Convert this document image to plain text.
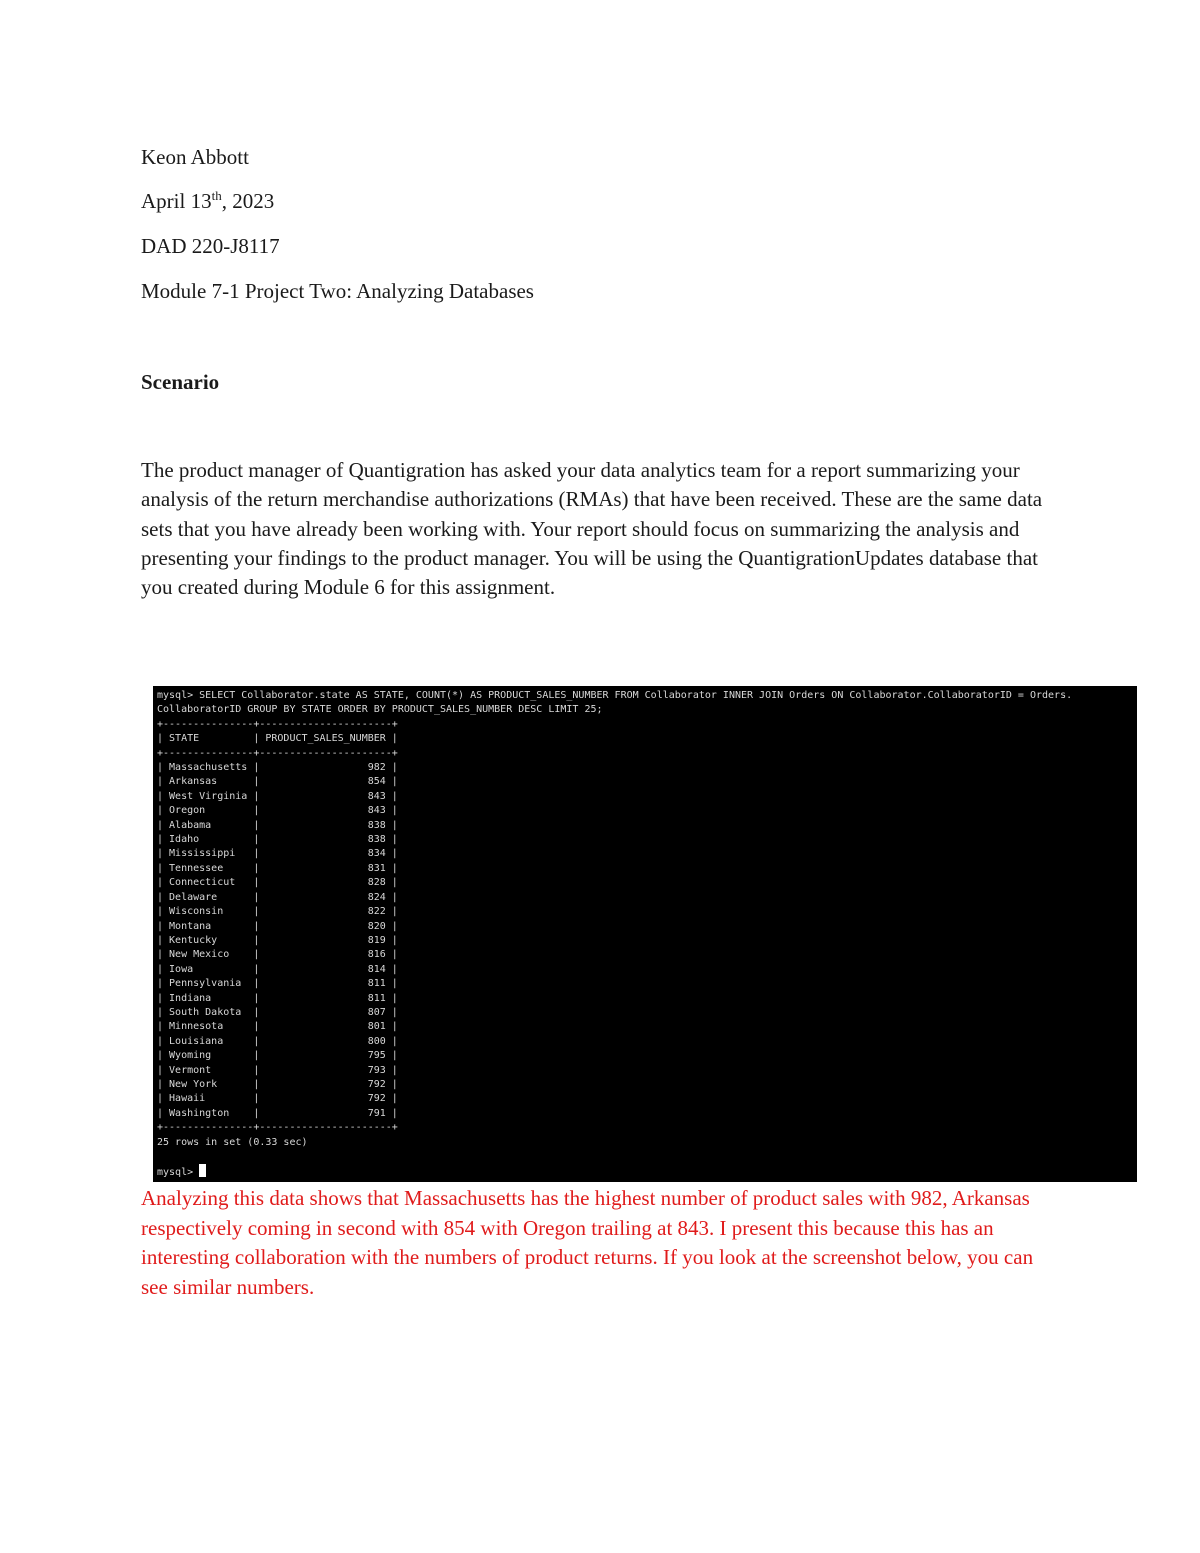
Keon Abbott
April 13th, 2023
DAD 220-J8117
Module 7-1 Project Two: Analyzing Databases
Scenario

The product manager of Quantigration has asked your data analytics team for a report summarizing your analysis of the return merchandise authorizations (RMAs) that have been received. These are the same data sets that you have already been working with. Your report should focus on summarizing the analysis and presenting your findings to the product manager. You will be using the QuantigrationUpdates database that you created during Module 6 for this assignment.

mysql> SELECT Collaborator.state AS STATE, COUNT(*) AS PRODUCT_SALES_NUMBER FROM Collaborator INNER JOIN Orders ON Collaborator.CollaboratorID = Orders.
CollaboratorID GROUP BY STATE ORDER BY PRODUCT_SALES_NUMBER DESC LIMIT 25;
+---------------+----------------------+
| STATE         | PRODUCT_SALES_NUMBER |
+---------------+----------------------+
| Massachusetts |                  982 |
| Arkansas      |                  854 |
| West Virginia |                  843 |
| Oregon        |                  843 |
| Alabama       |                  838 |
| Idaho         |                  838 |
| Mississippi   |                  834 |
| Tennessee     |                  831 |
| Connecticut   |                  828 |
| Delaware      |                  824 |
| Wisconsin     |                  822 |
| Montana       |                  820 |
| Kentucky      |                  819 |
| New Mexico    |                  816 |
| Iowa          |                  814 |
| Pennsylvania  |                  811 |
| Indiana       |                  811 |
| South Dakota  |                  807 |
| Minnesota     |                  801 |
| Louisiana     |                  800 |
| Wyoming       |                  795 |
| Vermont       |                  793 |
| New York      |                  792 |
| Hawaii        |                  792 |
| Washington    |                  791 |
+---------------+----------------------+
25 rows in set (0.33 sec)

mysql>

Analyzing this data shows that Massachusetts has the highest number of product sales with 982, Arkansas respectively coming in second with 854 with Oregon trailing at 843. I present this because this has an interesting collaboration with the numbers of product returns. If you look at the screenshot below, you can see similar numbers.
